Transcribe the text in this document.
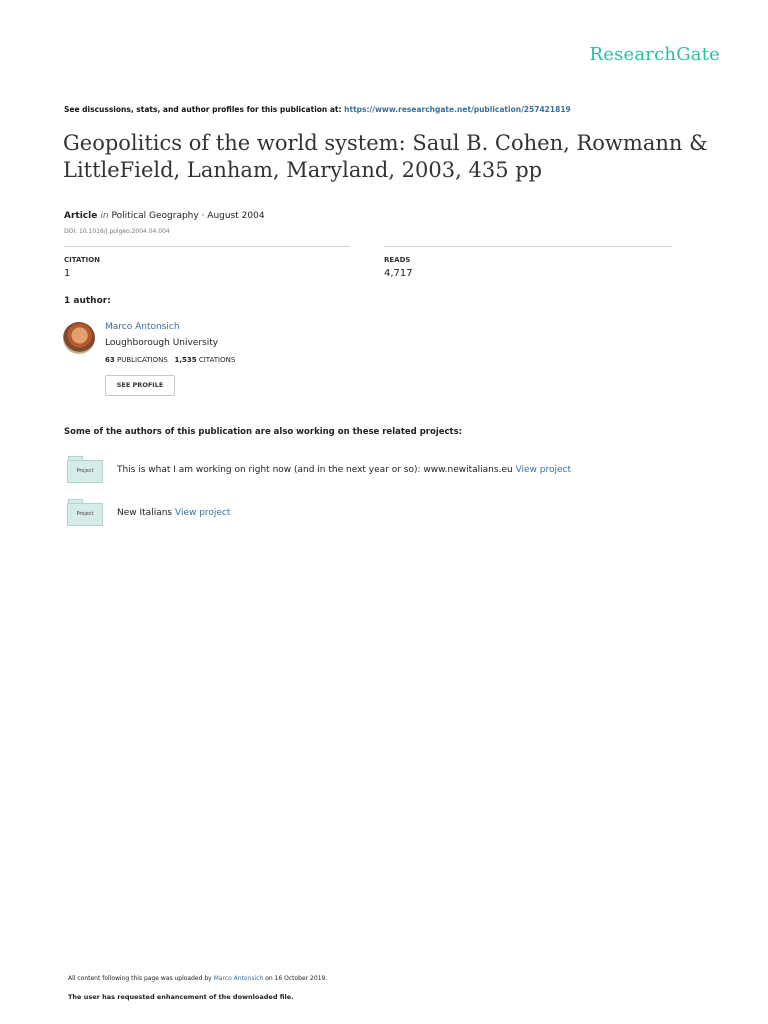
ResearchGate
See discussions, stats, and author profiles for this publication at: https://www.researchgate.net/publication/257421819
Geopolitics of the world system: Saul B. Cohen, Rowmann & LittleField, Lanham, Maryland, 2003, 435 pp
Article in Political Geography · August 2004
DOI: 10.1016/j.polgeo.2004.04.004
CITATION
1
READS
4,717
1 author:
Marco Antonsich
Loughborough University
63 PUBLICATIONS 1,535 CITATIONS
SEE PROFILE
Some of the authors of this publication are also working on these related projects:
Project	This is what I am working on right now (and in the next year or so): www.newitalians.eu View project
Project	New Italians View project
All content following this page was uploaded by Marco Antonsich on 16 October 2019.
The user has requested enhancement of the downloaded file.
